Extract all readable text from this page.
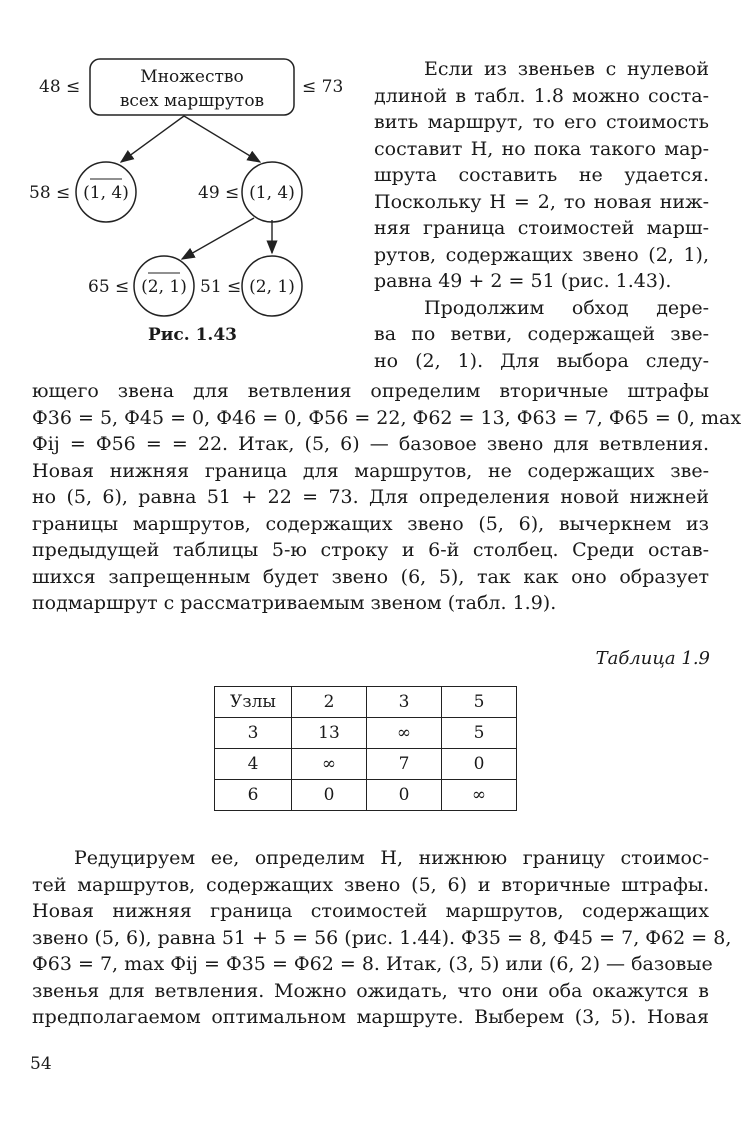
Множество
всех маршрутов
48 ≤	≤ 73
(1, 4)
58 ≤	(1, 4)
49 ≤
(2, 1)
65 ≤	(2, 1)
51 ≤
Рис. 1.43
Если из звеньев с нулевой
длиной в табл. 1.8 можно соста-
вить маршрут, то его стоимость
составит H, но пока такого мар-
шрута составить не удается.
Поскольку H = 2, то новая ниж-
няя граница стоимостей марш-
рутов, содержащих звено (2, 1),
равна 49 + 2 = 51 (рис. 1.43).
Продолжим обход дере-
ва по ветви, содержащей зве-
но (2, 1). Для выбора следу-
ющего звена для ветвления определим вторичные штрафы
Ф36 = 5, Ф45 = 0, Ф46 = 0, Ф56 = 22, Ф62 = 13, Ф63 = 7, Ф65 = 0, max
Фij = Ф56 = = 22. Итак, (5, 6) — базовое звено для ветвления.
Новая нижняя граница для маршрутов, не содержащих зве-
но (5, 6), равна 51 + 22 = 73. Для определения новой нижней
границы маршрутов, содержащих звено (5, 6), вычеркнем из
предыдущей таблицы 5-ю строку и 6-й столбец. Среди остав-
шихся запрещенным будет звено (6, 5), так как оно образует
подмаршрут с рассматриваемым звеном (табл. 1.9).
Таблица 1.9
Узлы	2	3	5
3	13	∞	5
4	∞	7	0
6	0	0	∞
Редуцируем ее, определим H, нижнюю границу стоимос-
тей маршрутов, содержащих звено (5, 6) и вторичные штрафы.
Новая нижняя граница стоимостей маршрутов, содержащих
звено (5, 6), равна 51 + 5 = 56 (рис. 1.44). Ф35 = 8, Ф45 = 7, Ф62 = 8,
Ф63 = 7, max Фij = Ф35 = Ф62 = 8. Итак, (3, 5) или (6, 2) — базовые
звенья для ветвления. Можно ожидать, что они оба окажутся в
предполагаемом оптимальном маршруте. Выберем (3, 5). Новая
54
